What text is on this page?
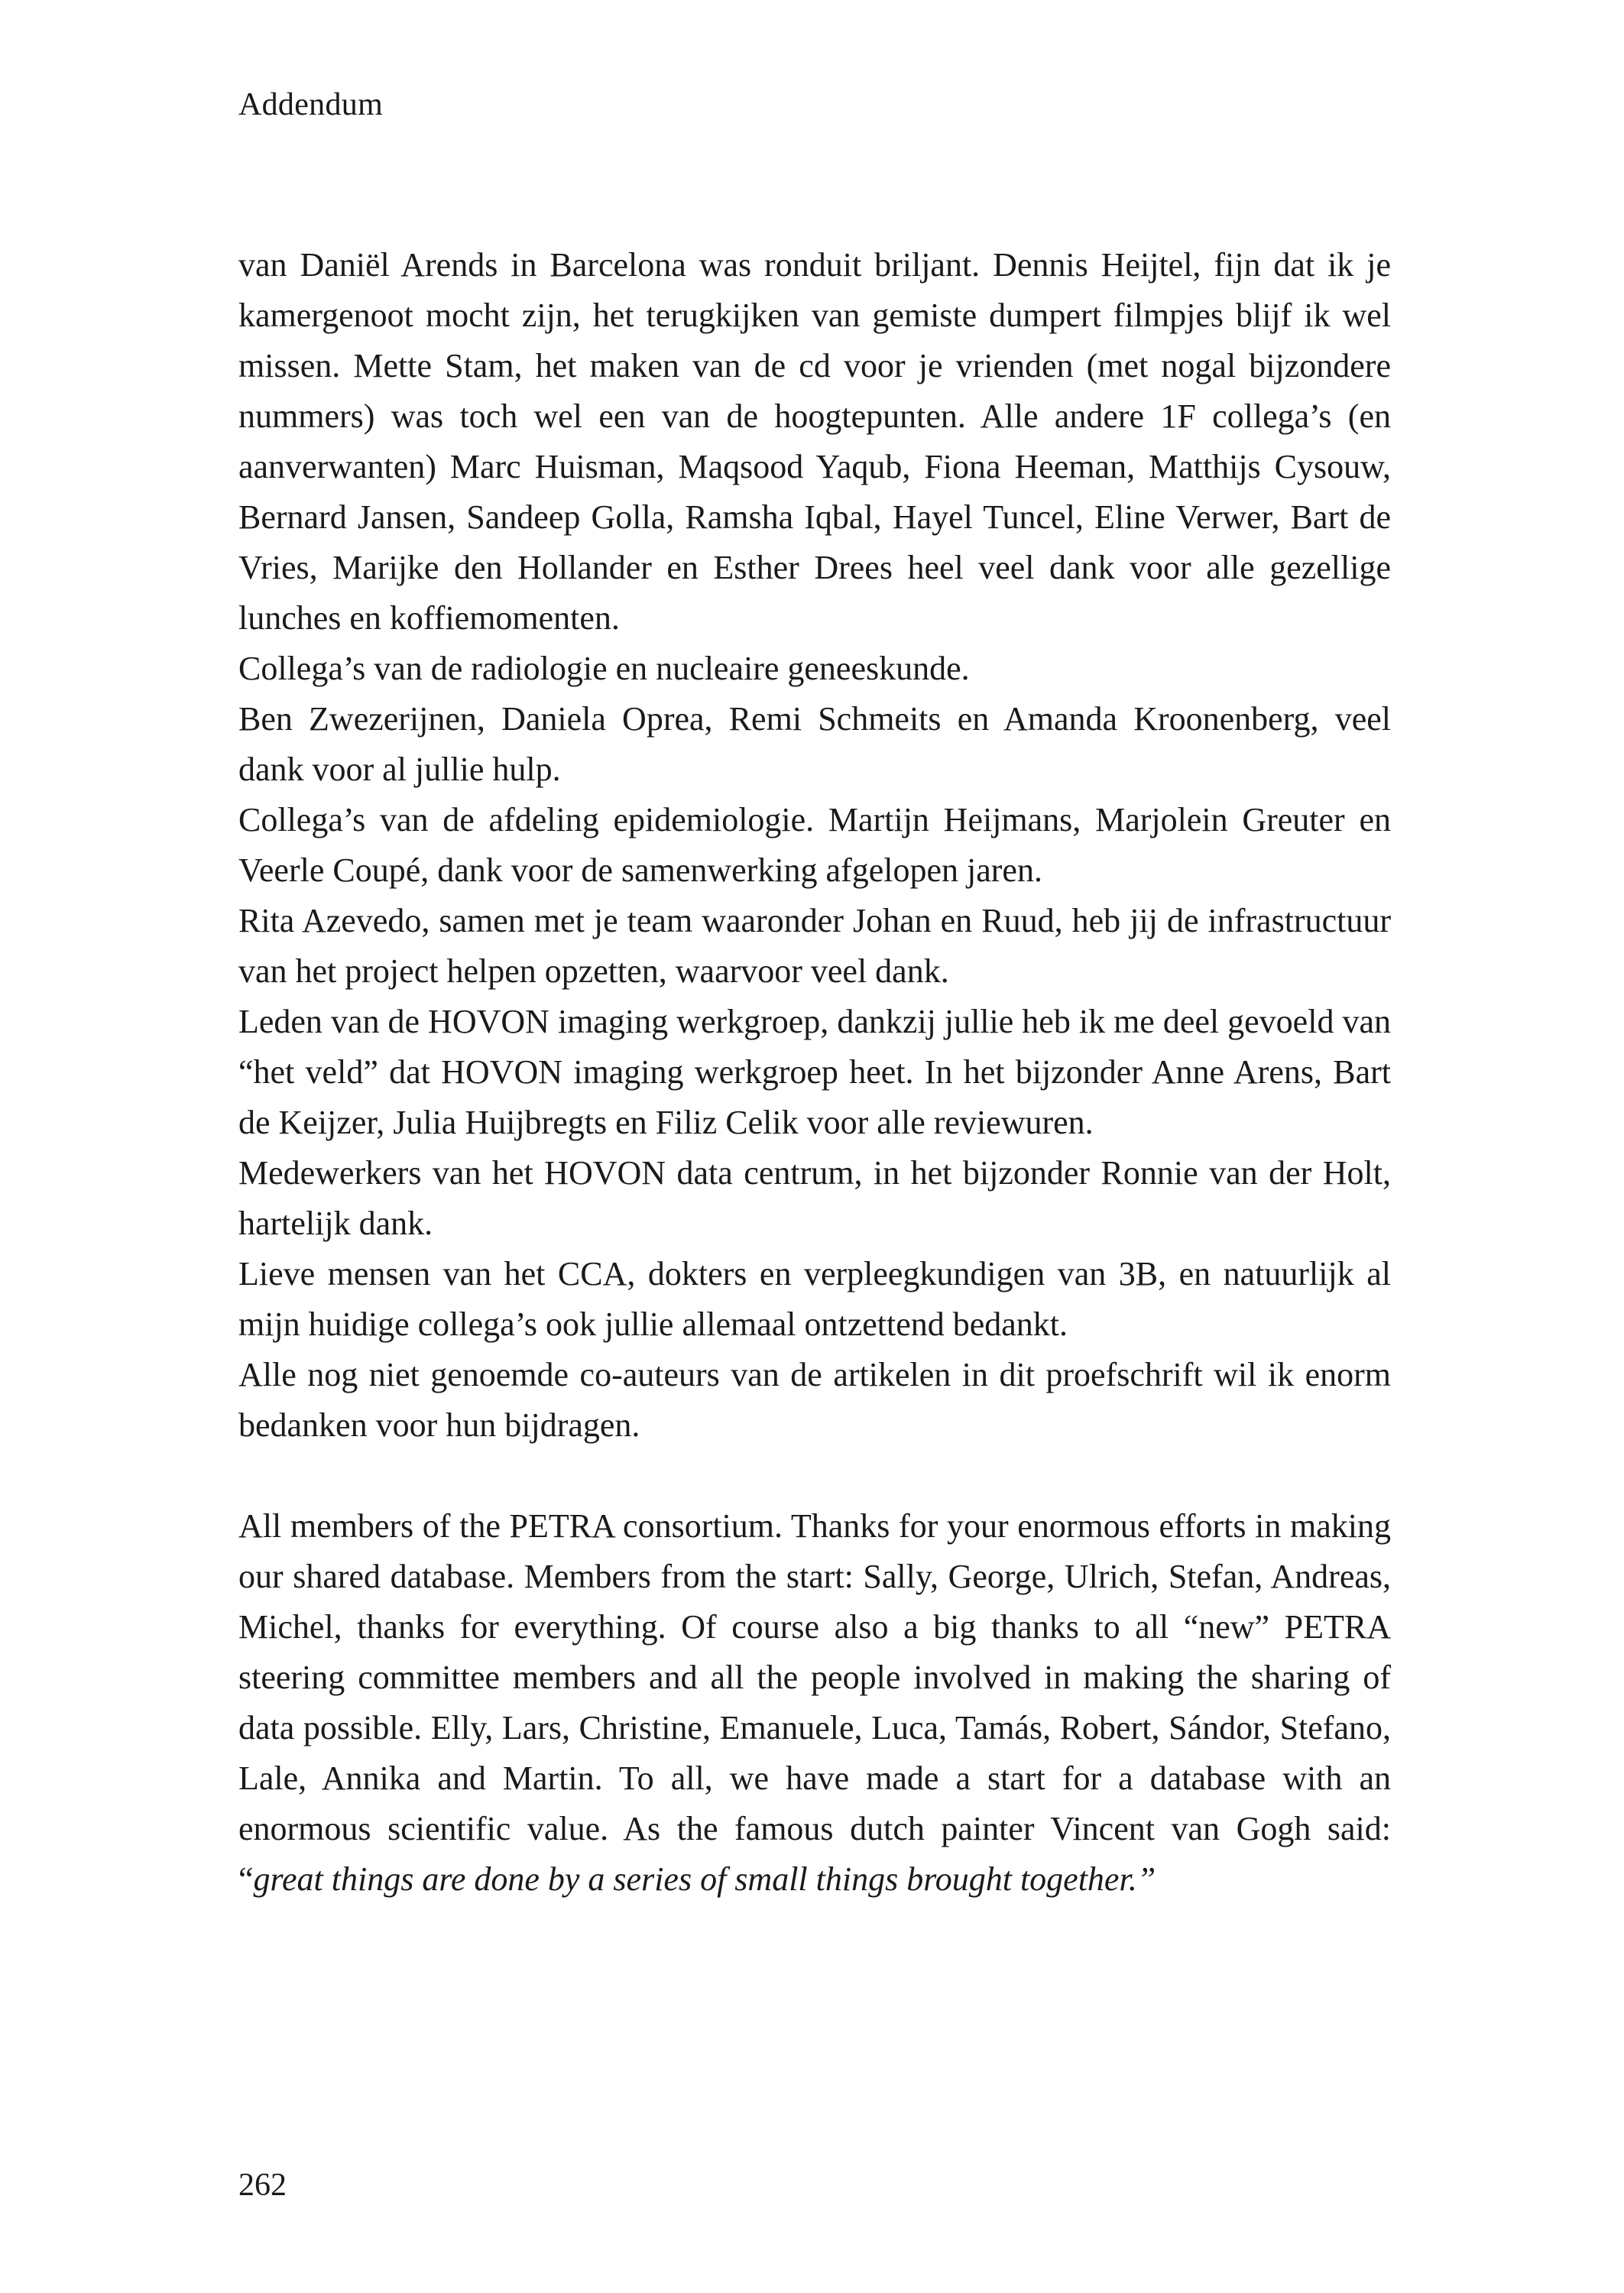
Addendum

van Daniël Arends in Barcelona was ronduit briljant. Dennis Heijtel, fijn dat ik je kamergenoot mocht zijn, het terugkijken van gemiste dumpert filmpjes blijf ik wel missen. Mette Stam, het maken van de cd voor je vrienden (met nogal bijzondere nummers) was toch wel een van de hoogtepunten. Alle andere 1F collega’s (en aanverwanten) Marc Huisman, Maqsood Yaqub, Fiona Heeman, Matthijs Cysouw, Bernard Jansen, Sandeep Golla, Ramsha Iqbal, Hayel Tuncel, Eline Verwer, Bart de Vries, Marijke den Hollander en Esther Drees heel veel dank voor alle gezellige lunches en koffiemomenten.

Collega’s van de radiologie en nucleaire geneeskunde.

Ben Zwezerijnen, Daniela Oprea, Remi Schmeits en Amanda Kroonenberg, veel dank voor al jullie hulp.

Collega’s van de afdeling epidemiologie. Martijn Heijmans, Marjolein Greuter en Veerle Coupé, dank voor de samenwerking afgelopen jaren.

Rita Azevedo, samen met je team waaronder Johan en Ruud, heb jij de infrastructuur van het project helpen opzetten, waarvoor veel dank.

Leden van de HOVON imaging werkgroep, dankzij jullie heb ik me deel gevoeld van “het veld” dat HOVON imaging werkgroep heet. In het bijzonder Anne Arens, Bart de Keijzer, Julia Huijbregts en Filiz Celik voor alle reviewuren.

Medewerkers van het HOVON data centrum, in het bijzonder Ronnie van der Holt, hartelijk dank.

Lieve mensen van het CCA, dokters en verpleegkundigen van 3B, en natuurlijk al mijn huidige collega’s ook jullie allemaal ontzettend bedankt.

Alle nog niet genoemde co-auteurs van de artikelen in dit proefschrift wil ik enorm bedanken voor hun bijdragen.

All members of the PETRA consortium. Thanks for your enormous efforts in making our shared database. Members from the start: Sally, George, Ulrich, Stefan, Andreas, Michel, thanks for everything. Of course also a big thanks to all “new” PETRA steering committee members and all the people involved in making the sharing of data possible. Elly, Lars, Christine, Emanuele, Luca, Tamás, Robert, Sándor, Stefano, Lale, Annika and Martin. To all, we have made a start for a database with an enormous scientific value. As the famous dutch painter Vincent van Gogh said: “great things are done by a series of small things brought together.”

262
